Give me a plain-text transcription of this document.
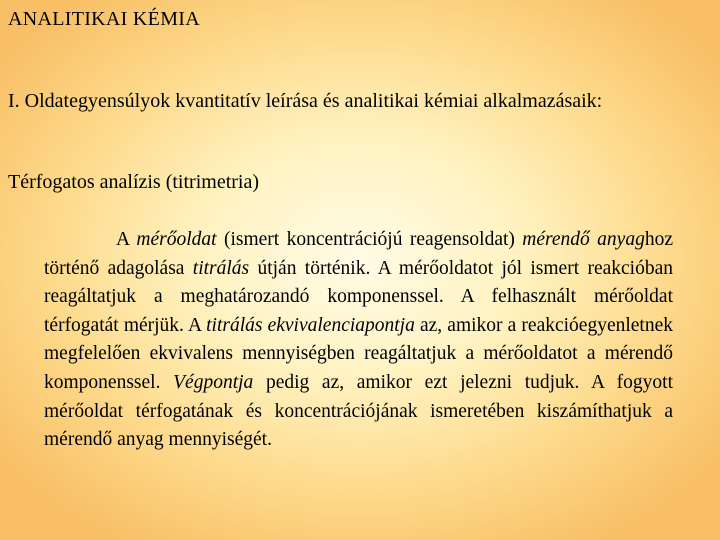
ANALITIKAI KÉMIA
I. Oldategyensúlyok kvantitatív leírása és analitikai kémiai alkalmazásaik:
Térfogatos analízis (titrimetria)

A mérőoldat (ismert koncentrációjú reagensoldat) mérendő anyaghoz történő adagolása titrálás útján történik. A mérőoldatot jól ismert reakcióban reagáltatjuk a meghatározandó komponenssel. A felhasznált mérőoldat térfogatát mérjük. A titrálás ekvivalenciapontja az, amikor a reakcióegyenletnek megfelelően ekvivalens mennyiségben reagáltatjuk a mérőoldatot a mérendő komponenssel. Végpontja pedig az, amikor ezt jelezni tudjuk. A fogyott mérőoldat térfogatának és koncentrációjának ismeretében kiszámíthatjuk a mérendő anyag mennyiségét.
